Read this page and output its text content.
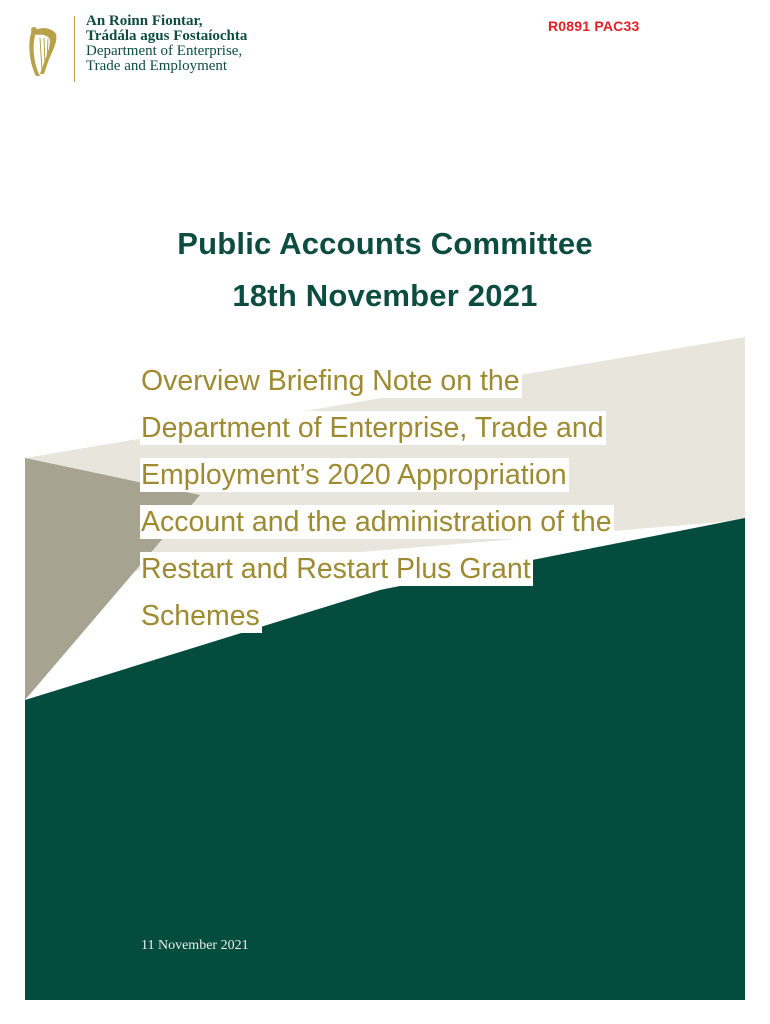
An Roinn Fiontar,
Trádála agus Fostaíochta
Department of Enterprise,
Trade and Employment
R0891 PAC33
Public Accounts Committee
18th November 2021
Overview Briefing Note on the
Department of Enterprise, Trade and
Employment’s 2020 Appropriation
Account and the administration of the
Restart and Restart Plus Grant
Schemes
11 November 2021
